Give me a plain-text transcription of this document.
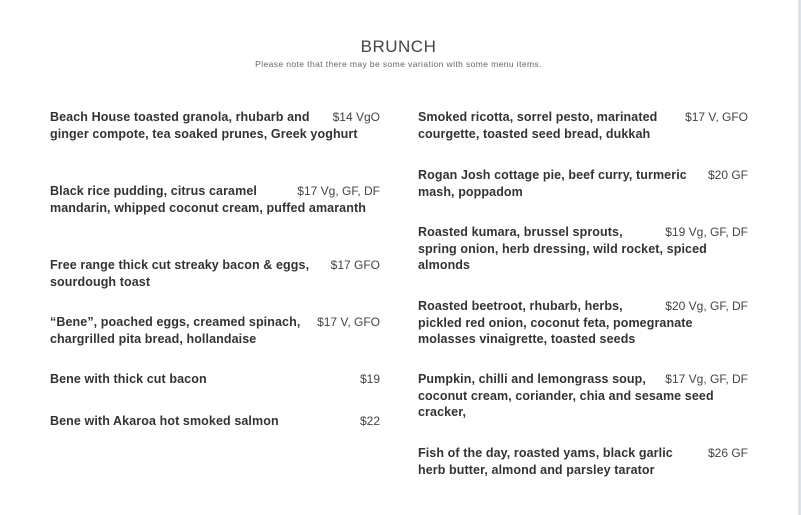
BRUNCH

Please note that there may be some variation with some menu items.

$14 VgO
Beach House toasted granola, rhubarb and ginger compote, tea soaked prunes, Greek yoghurt
$17 Vg, GF, DF
Black rice pudding, citrus caramel mandarin, whipped coconut cream, puffed amaranth
$17 GFO
Free range thick cut streaky bacon & eggs, sourdough toast
$17 V, GFO
“Bene”, poached eggs, creamed spinach, chargrilled pita bread, hollandaise
$19
Bene with thick cut bacon
$22
Bene with Akaroa hot smoked salmon
$17 V, GFO
Smoked ricotta, sorrel pesto, marinated courgette, toasted seed bread, dukkah
$20 GF
Rogan Josh cottage pie, beef curry, turmeric mash, poppadom
$19 Vg, GF, DF
Roasted kumara, brussel sprouts, spring onion, herb dressing, wild rocket, spiced almonds
$20 Vg, GF, DF
Roasted beetroot, rhubarb, herbs, pickled red onion, coconut feta, pomegranate molasses vinaigrette, toasted seeds
$17 Vg, GF, DF
Pumpkin, chilli and lemongrass soup, coconut cream, coriander, chia and sesame seed cracker,
$26 GF
Fish of the day, roasted yams, black garlic herb butter, almond and parsley tarator
